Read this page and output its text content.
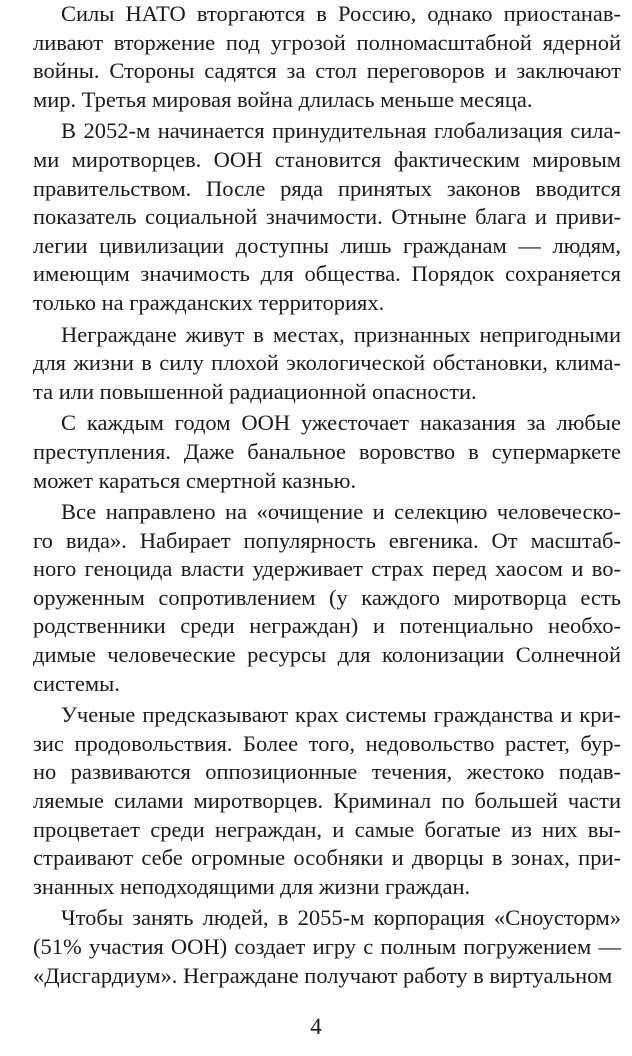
Силы НАТО вторгаются в Россию, однако приостанав-
ливают вторжение под угрозой полномасштабной ядерной
войны. Стороны садятся за стол переговоров и заключают
мир. Третья мировая война длилась меньше месяца.
В 2052-м начинается принудительная глобализация сила-
ми миротворцев. ООН становится фактическим мировым
правительством. После ряда принятых законов вводится
показатель социальной значимости. Отныне блага и приви-
легии цивилизации доступны лишь гражданам — людям,
имеющим значимость для общества. Порядок сохраняется
только на гражданских территориях.
Неграждане живут в местах, признанных непригодными
для жизни в силу плохой экологической обстановки, клима-
та или повышенной радиационной опасности.
С каждым годом ООН ужесточает наказания за любые
преступления. Даже банальное воровство в супермаркете
может караться смертной казнью.
Все направлено на «очищение и селекцию человеческо-
го вида». Набирает популярность евгеника. От масштаб-
ного геноцида власти удерживает страх перед хаосом и во-
оруженным сопротивлением (у каждого миротворца есть
родственники среди неграждан) и потенциально необхо-
димые человеческие ресурсы для колонизации Солнечной
системы.
Ученые предсказывают крах системы гражданства и кри-
зис продовольствия. Более того, недовольство растет, бур-
но развиваются оппозиционные течения, жестоко подав-
ляемые силами миротворцев. Криминал по большей части
процветает среди неграждан, и самые богатые из них вы-
страивают себе огромные особняки и дворцы в зонах, при-
знанных неподходящими для жизни граждан.
Чтобы занять людей, в 2055-м корпорация «Сноусторм»
(51% участия ООН) создает игру с полным погружением —
«Дисгардиум». Неграждане получают работу в виртуальном
4
